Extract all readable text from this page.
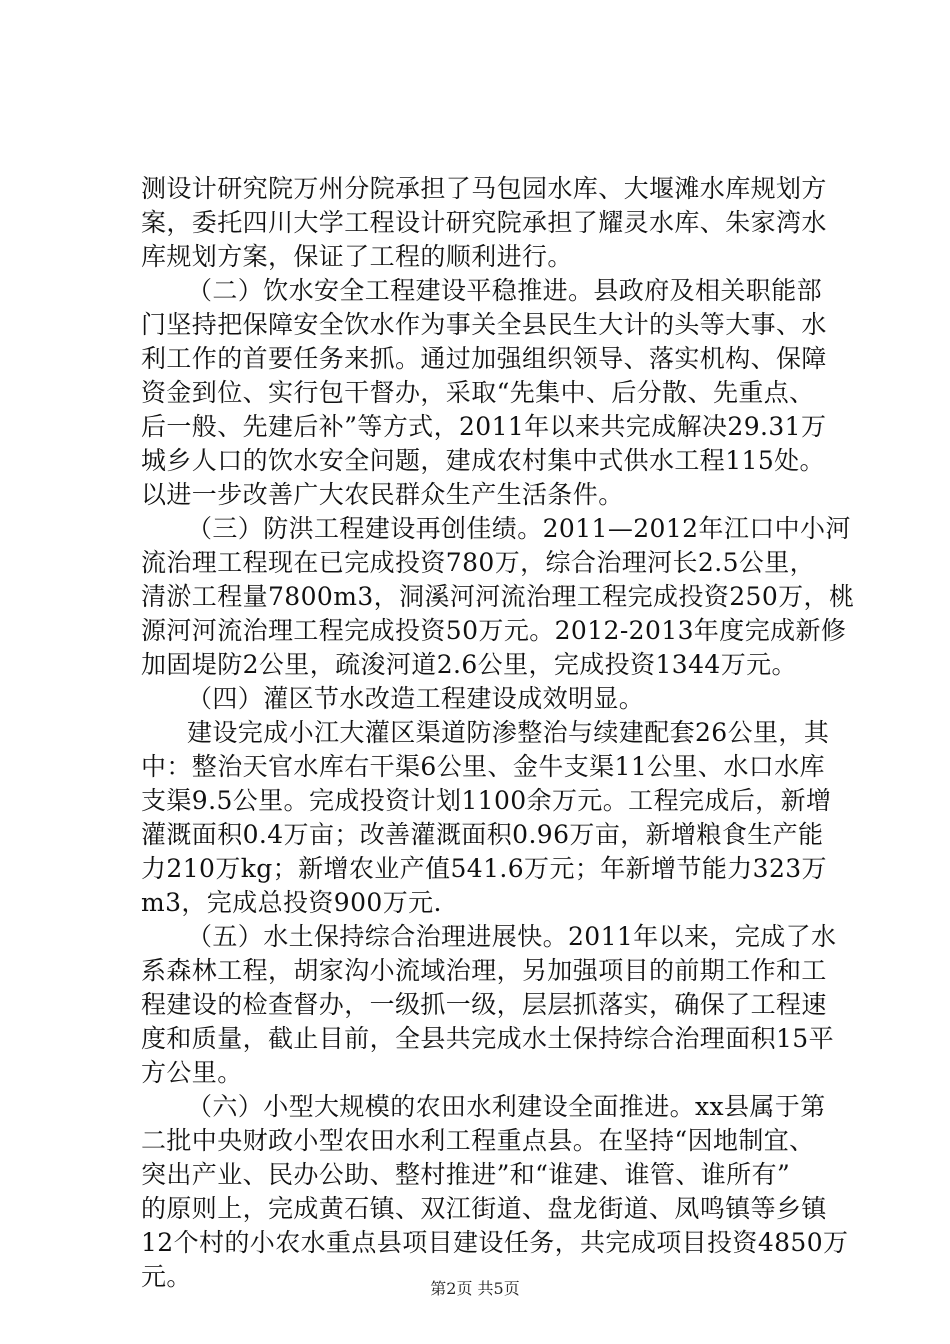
测设计研究院万州分院承担了马包园水库、大堰滩水库规划方
案，委托四川大学工程设计研究院承担了耀灵水库、朱家湾水
库规划方案，保证了工程的顺利进行。
（二）饮水安全工程建设平稳推进。县政府及相关职能部
门坚持把保障安全饮水作为事关全县民生大计的头等大事、水
利工作的首要任务来抓。通过加强组织领导、落实机构、保障
资金到位、实行包干督办，采取“先集中、后分散、先重点、
后一般、先建后补”等方式，2011年以来共完成解决29.31万
城乡人口的饮水安全问题，建成农村集中式供水工程115处。
以进一步改善广大农民群众生产生活条件。
（三）防洪工程建设再创佳绩。2011—2012年江口中小河
流治理工程现在已完成投资780万，综合治理河长2.5公里，
清淤工程量7800m3，洞溪河河流治理工程完成投资250万，桃
源河河流治理工程完成投资50万元。2012-2013年度完成新修
加固堤防2公里，疏浚河道2.6公里，完成投资1344万元。
（四）灌区节水改造工程建设成效明显。
建设完成小江大灌区渠道防渗整治与续建配套26公里，其
中：整治天官水库右干渠6公里、金牛支渠11公里、水口水库
支渠9.5公里。完成投资计划1100余万元。工程完成后，新增
灌溉面积0.4万亩；改善灌溉面积0.96万亩，新增粮食生产能
力210万kg；新增农业产值541.6万元；年新增节能力323万
m3，完成总投资900万元.
（五）水土保持综合治理进展快。2011年以来，完成了水
系森林工程，胡家沟小流域治理，另加强项目的前期工作和工
程建设的检查督办，一级抓一级，层层抓落实，确保了工程速
度和质量，截止目前，全县共完成水土保持综合治理面积15平
方公里。
（六）小型大规模的农田水利建设全面推进。xx县属于第
二批中央财政小型农田水利工程重点县。在坚持“因地制宜、
突出产业、民办公助、整村推进”和“谁建、谁管、谁所有”
的原则上，完成黄石镇、双江街道、盘龙街道、凤鸣镇等乡镇
12个村的小农水重点县项目建设任务，共完成项目投资4850万
元。	第2页 共5页
